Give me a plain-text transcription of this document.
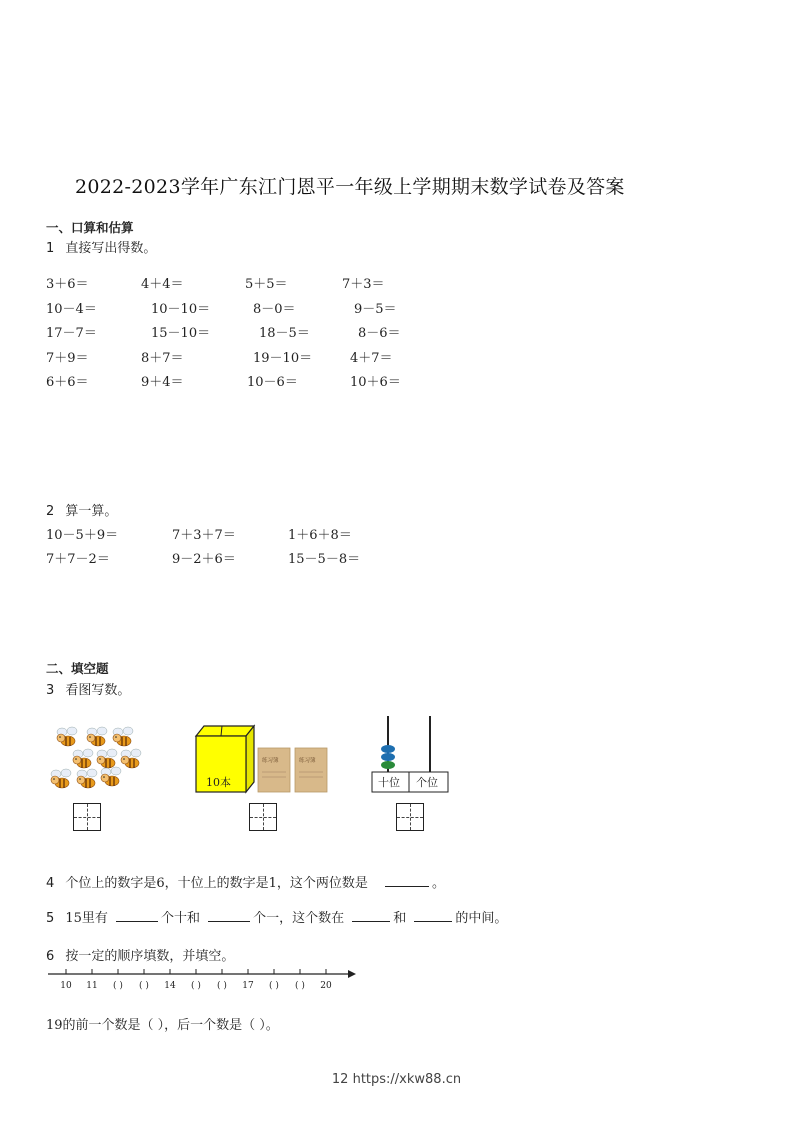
2022-2023学年广东江门恩平一年级上学期期末数学试卷及答案
一、口算和估算
1 直接写出得数。
3＋6＝	4＋4＝	5＋5＝	7＋3＝
10－4＝	10－10＝	8－0＝	9－5＝
17－7＝	15－10＝	18－5＝	8－6＝
7＋9＝	8＋7＝	19－10＝	4＋7＝
6＋6＝	9＋4＝	10－6＝	10＋6＝
2 算一算。
10－5＋9＝	7＋3＋7＝	1＋6＋8＝
7＋7－2＝	9－2＋6＝	15－5－8＝
二、填空题
3 看图写数。
10本
练习簿	练习簿
十位 个位
4 个位上的数字是6，十位上的数字是1，这个两位数是	。
5 15里有	个十和	个一，这个数在	和	的中间。
6 按一定的顺序填数，并填空。
10 11 ( ) ( ) 14 ( ) ( ) 17 ( ) ( ) 20
19的前一个数是（ ），后一个数是（ ）。
12 https://xkw88.cn
